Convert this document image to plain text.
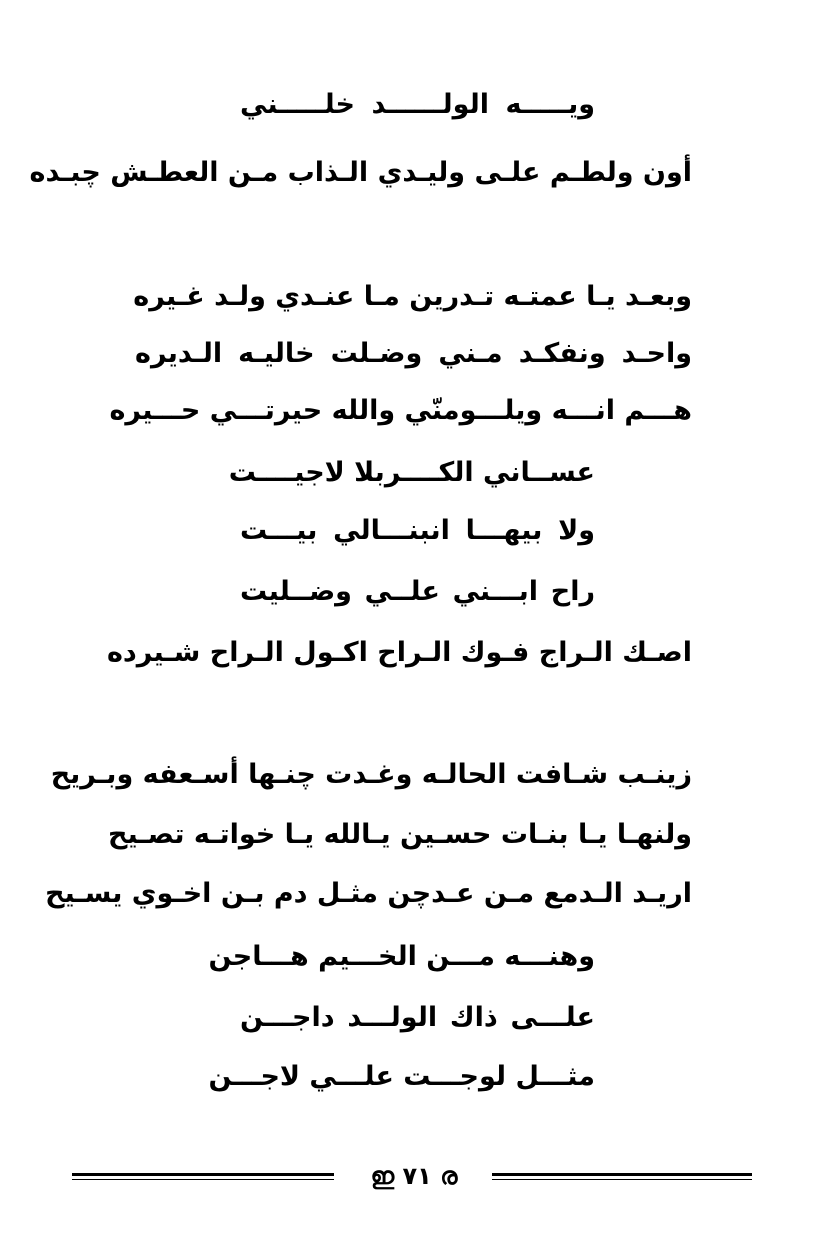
ويـــــه الولــــــد خلـــــني
أون ولطـم علـى وليـدي الـذاب مـن العطـش چبـده
وبعـد يـا عمتـه تـدرين مـا عنـدي ولـد غـيره
واحـد ونفكـد مـني وضـلت خاليـه الـديره
هـــم انـــه ويلـــومنّي والله حيرتـــي حـــيره
عســاني الكــــربلا لاجيــــت
ولا بيهـــا انبنـــالي بيـــت
راح ابـــني علــي وضــليت
اصـك الـراج فـوك الـراح اكـول الـراح شـيرده
زينـب شـافت الحالـه وغـدت چنـها أسـعفه وبـريح
ولنهـا يـا بنـات حسـين يـالله يـا خواتـه تصـيح
اريـد الـدمع مـن عـدچن مثـل دم بـن اخـوي يسـيح
وهنـــه مـــن الخـــيم هـــاجن
علـــى ذاك الولـــد داجـــن
مثـــل لوجـــت علـــي لاجـــن
ഇ ٧١ ര
